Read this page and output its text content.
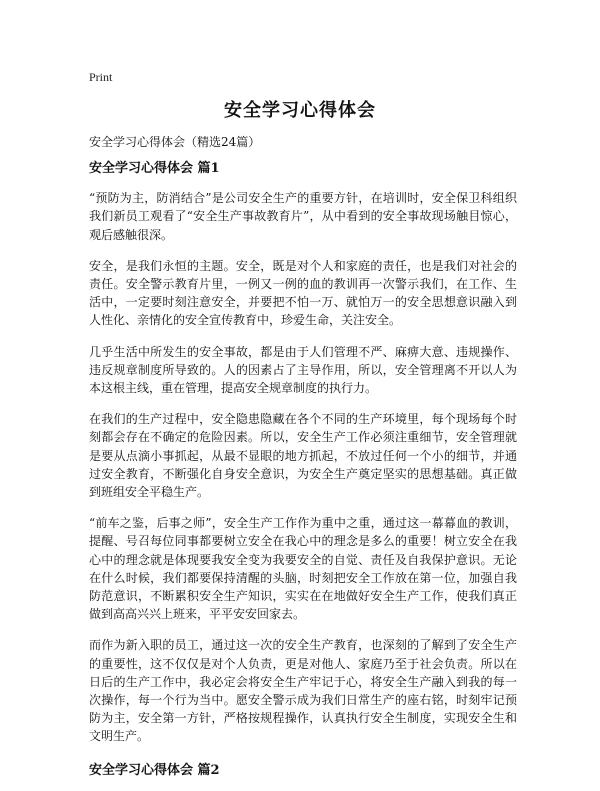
Print
安全学习心得体会
安全学习心得体会（精选24篇）
安全学习心得体会 篇1

“预防为主，防消结合”是公司安全生产的重要方针，在培训时，安全保卫科组织我们新员工观看了“安全生产事故教育片”，从中看到的安全事故现场触目惊心，观后感触很深。

安全，是我们永恒的主题。安全，既是对个人和家庭的责任，也是我们对社会的责任。安全警示教育片里，一例又一例的血的教训再一次警示我们，在工作、生活中，一定要时刻注意安全，并要把不怕一万、就怕万一的安全思想意识融入到人性化、亲情化的安全宣传教育中，珍爱生命，关注安全。

几乎生活中所发生的安全事故，都是由于人们管理不严、麻痹大意、违规操作、违反规章制度所导致的。人的因素占了主导作用，所以，安全管理离不开以人为本这根主线，重在管理，提高安全规章制度的执行力。

在我们的生产过程中，安全隐患隐藏在各个不同的生产环境里，每个现场每个时刻都会存在不确定的危险因素。所以，安全生产工作必须注重细节，安全管理就是要从点滴小事抓起，从最不显眼的地方抓起，不放过任何一个小的细节，并通过安全教育，不断强化自身安全意识，为安全生产奠定坚实的思想基础。真正做到班组安全平稳生产。

“前车之鉴，后事之师”，安全生产工作作为重中之重，通过这一幕幕血的教训，提醒、号召每位同事都要树立安全在我心中的理念是多么的重要！树立安全在我心中的理念就是体现要我安全变为我要安全的自觉、责任及自我保护意识。无论在什么时候，我们都要保持清醒的头脑，时刻把安全工作放在第一位，加强自我防范意识，不断累积安全生产知识，实实在在地做好安全生产工作，使我们真正做到高高兴兴上班来，平平安安回家去。

而作为新入职的员工，通过这一次的安全生产教育，也深刻的了解到了安全生产的重要性，这不仅仅是对个人负责，更是对他人、家庭乃至于社会负责。所以在日后的生产工作中，我必定会将安全生产牢记于心，将安全生产融入到我的每一次操作，每一个行为当中。愿安全警示成为我们日常生产的座右铭，时刻牢记预防为主，安全第一方针，严格按规程操作，认真执行安全生制度，实现安全生和文明生产。

安全学习心得体会 篇2
